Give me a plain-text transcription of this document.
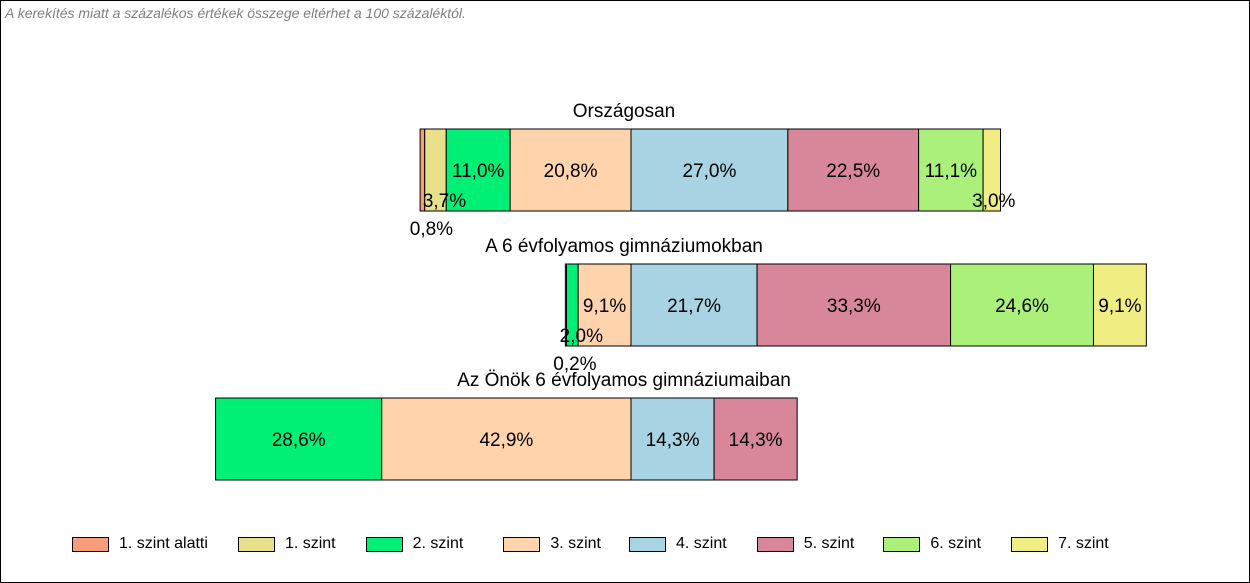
A kerekítés miatt a százalékos értékek összege eltérhet a 100 százaléktól.
Országosan
11,0% 20,8%	27,0%	22,5% 11,1%
3,7%
0,8%
3,0%
A 6 évfolyamos gimnáziumokban
9,1% 21,7%	33,3%	24,6%	9,1%
2,0%
0,2%
Az Önök 6 évfolyamos gimnáziumaiban
28,6%	42,9%	14,3% 14,3%
1. szint alatti	1. szint	2. szint	3. szint	4. szint	5. szint	6. szint	7. szint
